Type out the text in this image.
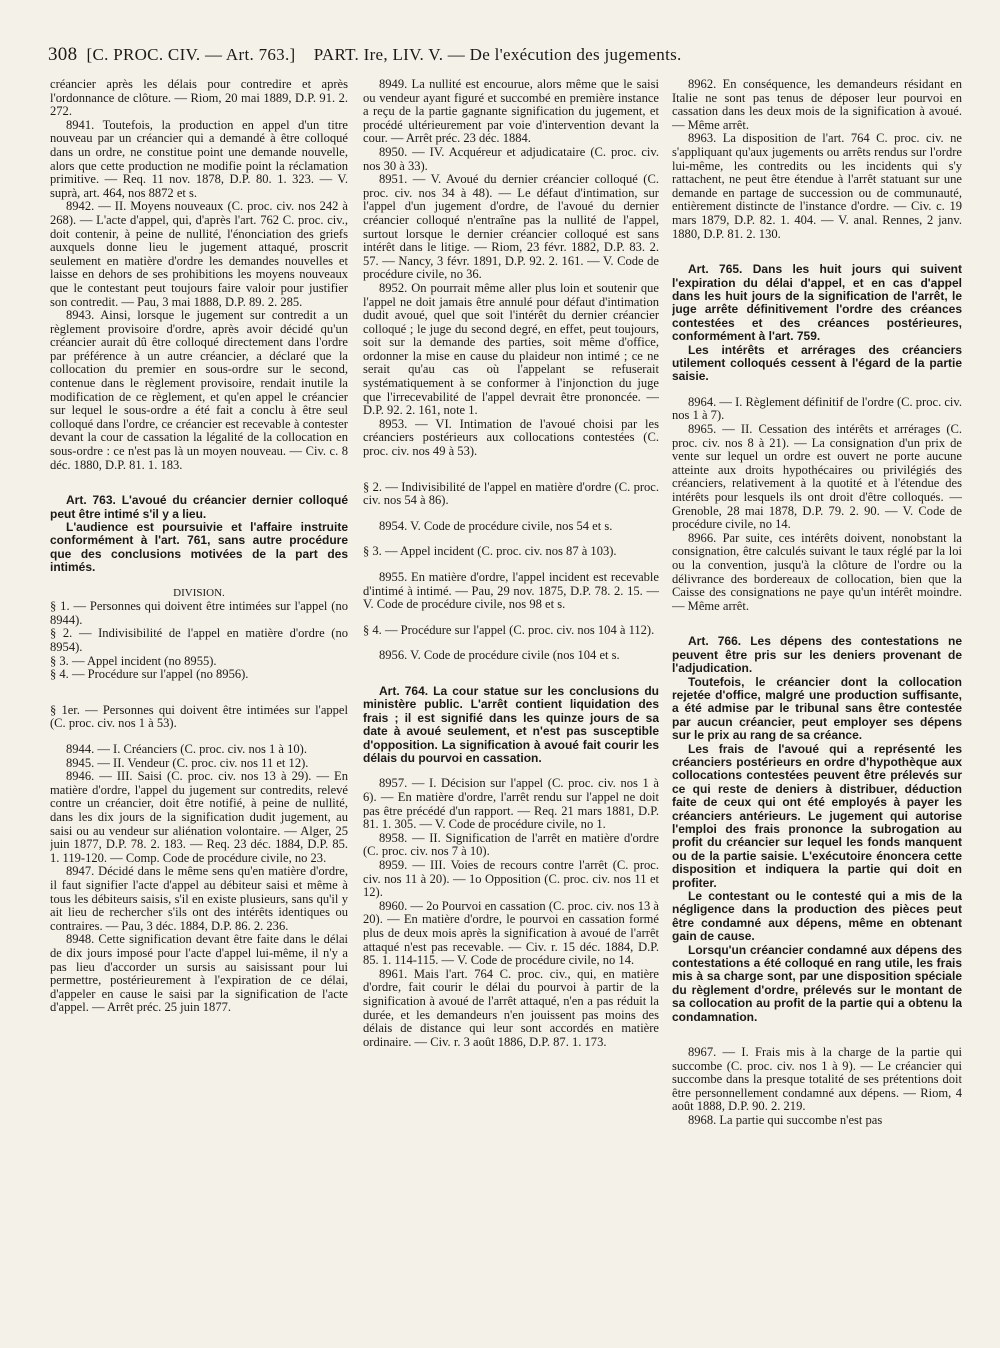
308 [C. PROC. CIV. — Art. 763.] PART. Ire, LIV. V. — De l'exécution des jugements.

créancier après les délais pour contredire et après l'ordonnance de clôture. — Riom, 20 mai 1889, D.P. 91. 2. 272.

8941. Toutefois, la production en appel d'un titre nouveau par un créancier qui a demandé à être colloqué dans un ordre, ne constitue point une demande nouvelle, alors que cette production ne modifie point la réclamation primitive. — Req. 11 nov. 1878, D.P. 80. 1. 323. — V. suprà, art. 464, nos 8872 et s.

8942. — II. Moyens nouveaux (C. proc. civ. nos 242 à 268). — L'acte d'appel, qui, d'après l'art. 762 C. proc. civ., doit contenir, à peine de nullité, l'énonciation des griefs auxquels donne lieu le jugement attaqué, proscrit seulement en matière d'ordre les demandes nouvelles et laisse en dehors de ses prohibitions les moyens nouveaux que le contestant peut toujours faire valoir pour justifier son contredit. — Pau, 3 mai 1888, D.P. 89. 2. 285.

8943. Ainsi, lorsque le jugement sur contredit a un règlement provisoire d'ordre, après avoir décidé qu'un créancier aurait dû être colloqué directement dans l'ordre par préférence à un autre créancier, a déclaré que la collocation du premier en sous-ordre sur le second, contenue dans le règlement provisoire, rendait inutile la modification de ce règlement, et qu'en appel le créancier sur lequel le sous-ordre a été fait a conclu à être seul colloqué dans l'ordre, ce créancier est recevable à contester devant la cour de cassation la légalité de la collocation en sous-ordre : ce n'est pas là un moyen nouveau. — Civ. c. 8 déc. 1880, D.P. 81. 1. 183.

Art. 763. L'avoué du créancier dernier colloqué peut être intimé s'il y a lieu.

L'audience est poursuivie et l'affaire instruite conformément à l'art. 761, sans autre procédure que des conclusions motivées de la part des intimés.

DIVISION.

§ 1. — Personnes qui doivent être intimées sur l'appel (no 8944).

§ 2. — Indivisibilité de l'appel en matière d'ordre (no 8954).

§ 3. — Appel incident (no 8955).

§ 4. — Procédure sur l'appel (no 8956).

§ 1er. — Personnes qui doivent être intimées sur l'appel (C. proc. civ. nos 1 à 53).

8944. — I. Créanciers (C. proc. civ. nos 1 à 10).

8945. — II. Vendeur (C. proc. civ. nos 11 et 12).

8946. — III. Saisi (C. proc. civ. nos 13 à 29). — En matière d'ordre, l'appel du jugement sur contredits, relevé contre un créancier, doit être notifié, à peine de nullité, dans les dix jours de la signification dudit jugement, au saisi ou au vendeur sur aliénation volontaire. — Alger, 25 juin 1877, D.P. 78. 2. 183. — Req. 23 déc. 1884, D.P. 85. 1. 119-120. — Comp. Code de procédure civile, no 23.

8947. Décidé dans le même sens qu'en matière d'ordre, il faut signifier l'acte d'appel au débiteur saisi et même à tous les débiteurs saisis, s'il en existe plusieurs, sans qu'il y ait lieu de rechercher s'ils ont des intérêts identiques ou contraires. — Pau, 3 déc. 1884, D.P. 86. 2. 236.

8948. Cette signification devant être faite dans le délai de dix jours imposé pour l'acte d'appel lui-même, il n'y a pas lieu d'accorder un sursis au saisissant pour lui permettre, postérieurement à l'expiration de ce délai, d'appeler en cause le saisi par la signification de l'acte d'appel. — Arrêt préc. 25 juin 1877.

8949. La nullité est encourue, alors même que le saisi ou vendeur ayant figuré et succombé en première instance a reçu de la partie gagnante signification du jugement, et procédé ultérieurement par voie d'intervention devant la cour. — Arrêt préc. 23 déc. 1884.

8950. — IV. Acquéreur et adjudicataire (C. proc. civ. nos 30 à 33).

8951. — V. Avoué du dernier créancier colloqué (C. proc. civ. nos 34 à 48). — Le défaut d'intimation, sur l'appel d'un jugement d'ordre, de l'avoué du dernier créancier colloqué n'entraîne pas la nullité de l'appel, surtout lorsque le dernier créancier colloqué est sans intérêt dans le litige. — Riom, 23 févr. 1882, D.P. 83. 2. 57. — Nancy, 3 févr. 1891, D.P. 92. 2. 161. — V. Code de procédure civile, no 36.

8952. On pourrait même aller plus loin et soutenir que l'appel ne doit jamais être annulé pour défaut d'intimation dudit avoué, quel que soit l'intérêt du dernier créancier colloqué ; le juge du second degré, en effet, peut toujours, soit sur la demande des parties, soit même d'office, ordonner la mise en cause du plaideur non intimé ; ce ne serait qu'au cas où l'appelant se refuserait systématiquement à se conformer à l'injonction du juge que l'irrecevabilité de l'appel devrait être prononcée. — D.P. 92. 2. 161, note 1.

8953. — VI. Intimation de l'avoué choisi par les créanciers postérieurs aux collocations contestées (C. proc. civ. nos 49 à 53).

§ 2. — Indivisibilité de l'appel en matière d'ordre (C. proc. civ. nos 54 à 86).

8954. V. Code de procédure civile, nos 54 et s.

§ 3. — Appel incident (C. proc. civ. nos 87 à 103).

8955. En matière d'ordre, l'appel incident est recevable d'intimé à intimé. — Pau, 29 nov. 1875, D.P. 78. 2. 15. — V. Code de procédure civile, nos 98 et s.

§ 4. — Procédure sur l'appel (C. proc. civ. nos 104 à 112).

8956. V. Code de procédure civile (nos 104 et s.

Art. 764. La cour statue sur les conclusions du ministère public. L'arrêt contient liquidation des frais ; il est signifié dans les quinze jours de sa date à avoué seulement, et n'est pas susceptible d'opposition. La signification à avoué fait courir les délais du pourvoi en cassation.

8957. — I. Décision sur l'appel (C. proc. civ. nos 1 à 6). — En matière d'ordre, l'arrêt rendu sur l'appel ne doit pas être précédé d'un rapport. — Req. 21 mars 1881, D.P. 81. 1. 305. — V. Code de procédure civile, no 1.

8958. — II. Signification de l'arrêt en matière d'ordre (C. proc. civ. nos 7 à 10).

8959. — III. Voies de recours contre l'arrêt (C. proc. civ. nos 11 à 20). — 1o Opposition (C. proc. civ. nos 11 et 12).

8960. — 2o Pourvoi en cassation (C. proc. civ. nos 13 à 20). — En matière d'ordre, le pourvoi en cassation formé plus de deux mois après la signification à avoué de l'arrêt attaqué n'est pas recevable. — Civ. r. 15 déc. 1884, D.P. 85. 1. 114-115. — V. Code de procédure civile, no 14.

8961. Mais l'art. 764 C. proc. civ., qui, en matière d'ordre, fait courir le délai du pourvoi à partir de la signification à avoué de l'arrêt attaqué, n'en a pas réduit la durée, et les demandeurs n'en jouissent pas moins des délais de distance qui leur sont accordés en matière ordinaire. — Civ. r. 3 août 1886, D.P. 87. 1. 173.

8962. En conséquence, les demandeurs résidant en Italie ne sont pas tenus de déposer leur pourvoi en cassation dans les deux mois de la signification à avoué. — Même arrêt.

8963. La disposition de l'art. 764 C. proc. civ. ne s'appliquant qu'aux jugements ou arrêts rendus sur l'ordre lui-même, les contredits ou les incidents qui s'y rattachent, ne peut être étendue à l'arrêt statuant sur une demande en partage de succession ou de communauté, entièrement distincte de l'instance d'ordre. — Civ. c. 19 mars 1879, D.P. 82. 1. 404. — V. anal. Rennes, 2 janv. 1880, D.P. 81. 2. 130.

Art. 765. Dans les huit jours qui suivent l'expiration du délai d'appel, et en cas d'appel dans les huit jours de la signification de l'arrêt, le juge arrête définitivement l'ordre des créances contestées et des créances postérieures, conformément à l'art. 759.

Les intérêts et arrérages des créanciers utilement colloqués cessent à l'égard de la partie saisie.

8964. — I. Règlement définitif de l'ordre (C. proc. civ. nos 1 à 7).

8965. — II. Cessation des intérêts et arrérages (C. proc. civ. nos 8 à 21). — La consignation d'un prix de vente sur lequel un ordre est ouvert ne porte aucune atteinte aux droits hypothécaires ou privilégiés des créanciers, relativement à la quotité et à l'étendue des intérêts pour lesquels ils ont droit d'être colloqués. — Grenoble, 28 mai 1878, D.P. 79. 2. 90. — V. Code de procédure civile, no 14.

8966. Par suite, ces intérêts doivent, nonobstant la consignation, être calculés suivant le taux réglé par la loi ou la convention, jusqu'à la clôture de l'ordre ou la délivrance des bordereaux de collocation, bien que la Caisse des consignations ne paye qu'un intérêt moindre. — Même arrêt.

Art. 766. Les dépens des contestations ne peuvent être pris sur les deniers provenant de l'adjudication.

Toutefois, le créancier dont la collocation rejetée d'office, malgré une production suffisante, a été admise par le tribunal sans être contestée par aucun créancier, peut employer ses dépens sur le prix au rang de sa créance.

Les frais de l'avoué qui a représenté les créanciers postérieurs en ordre d'hypothèque aux collocations contestées peuvent être prélevés sur ce qui reste de deniers à distribuer, déduction faite de ceux qui ont été employés à payer les créanciers antérieurs. Le jugement qui autorise l'emploi des frais prononce la subrogation au profit du créancier sur lequel les fonds manquent ou de la partie saisie. L'exécutoire énoncera cette disposition et indiquera la partie qui doit en profiter.

Le contestant ou le contesté qui a mis de la négligence dans la production des pièces peut être condamné aux dépens, même en obtenant gain de cause.

Lorsqu'un créancier condamné aux dépens des contestations a été colloqué en rang utile, les frais mis à sa charge sont, par une disposition spéciale du règlement d'ordre, prélevés sur le montant de sa collocation au profit de la partie qui a obtenu la condamnation.

8967. — I. Frais mis à la charge de la partie qui succombe (C. proc. civ. nos 1 à 9). — Le créancier qui succombe dans la presque totalité de ses prétentions doit être personnellement condamné aux dépens. — Riom, 4 août 1888, D.P. 90. 2. 219.

8968. La partie qui succombe n'est pas
